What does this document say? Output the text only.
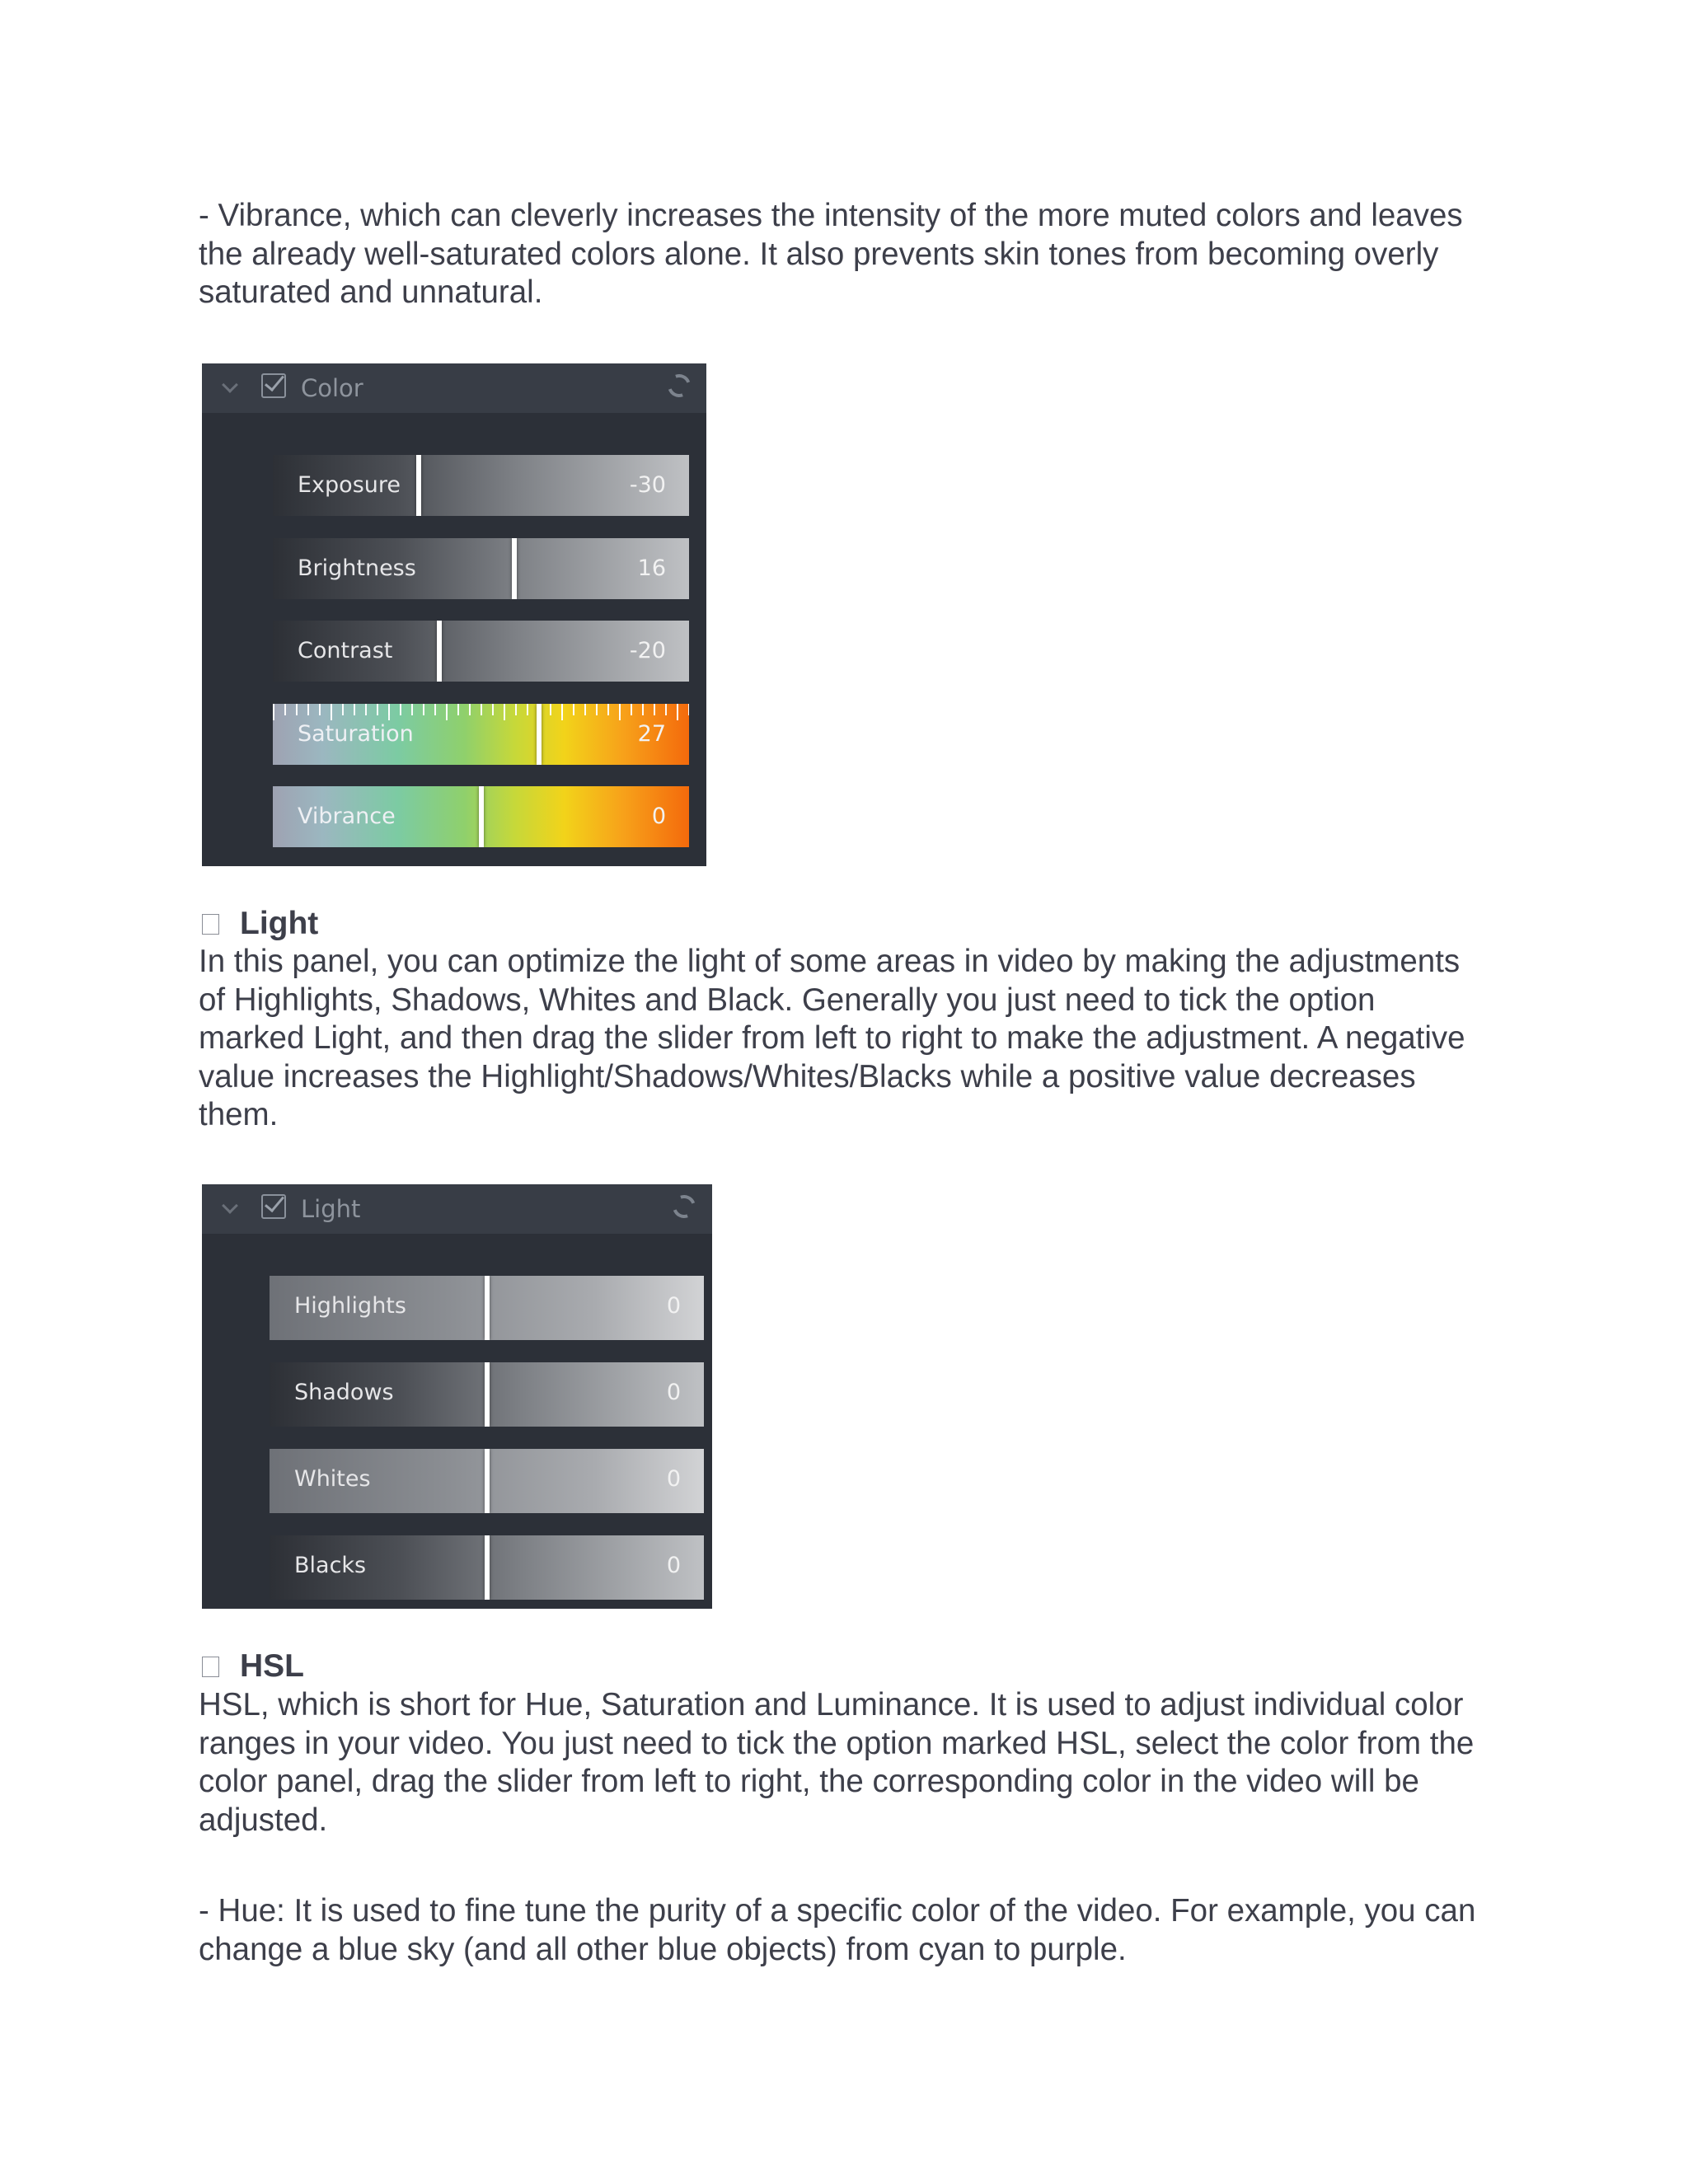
- Vibrance, which can cleverly increases the intensity of the more muted colors and leaves the already well-saturated colors alone. It also prevents skin tones from becoming overly saturated and unnatural.

Color
Exposure	-30
Brightness	16
Contrast	-20
Saturation	27
Vibrance	0
Light

In this panel, you can optimize the light of some areas in video by making the adjustments of Highlights, Shadows, Whites and Black. Generally you just need to tick the option marked Light, and then drag the slider from left to right to make the adjustment. A negative value increases the Highlight/Shadows/Whites/Blacks while a positive value decreases them.

Light
Highlights	0
Shadows	0
Whites	0
Blacks	0
HSL

HSL, which is short for Hue, Saturation and Luminance. It is used to adjust individual color ranges in your video. You just need to tick the option marked HSL, select the color from the color panel, drag the slider from left to right, the corresponding color in the video will be adjusted.

- Hue: It is used to fine tune the purity of a specific color of the video. For example, you can change a blue sky (and all other blue objects) from cyan to purple.
